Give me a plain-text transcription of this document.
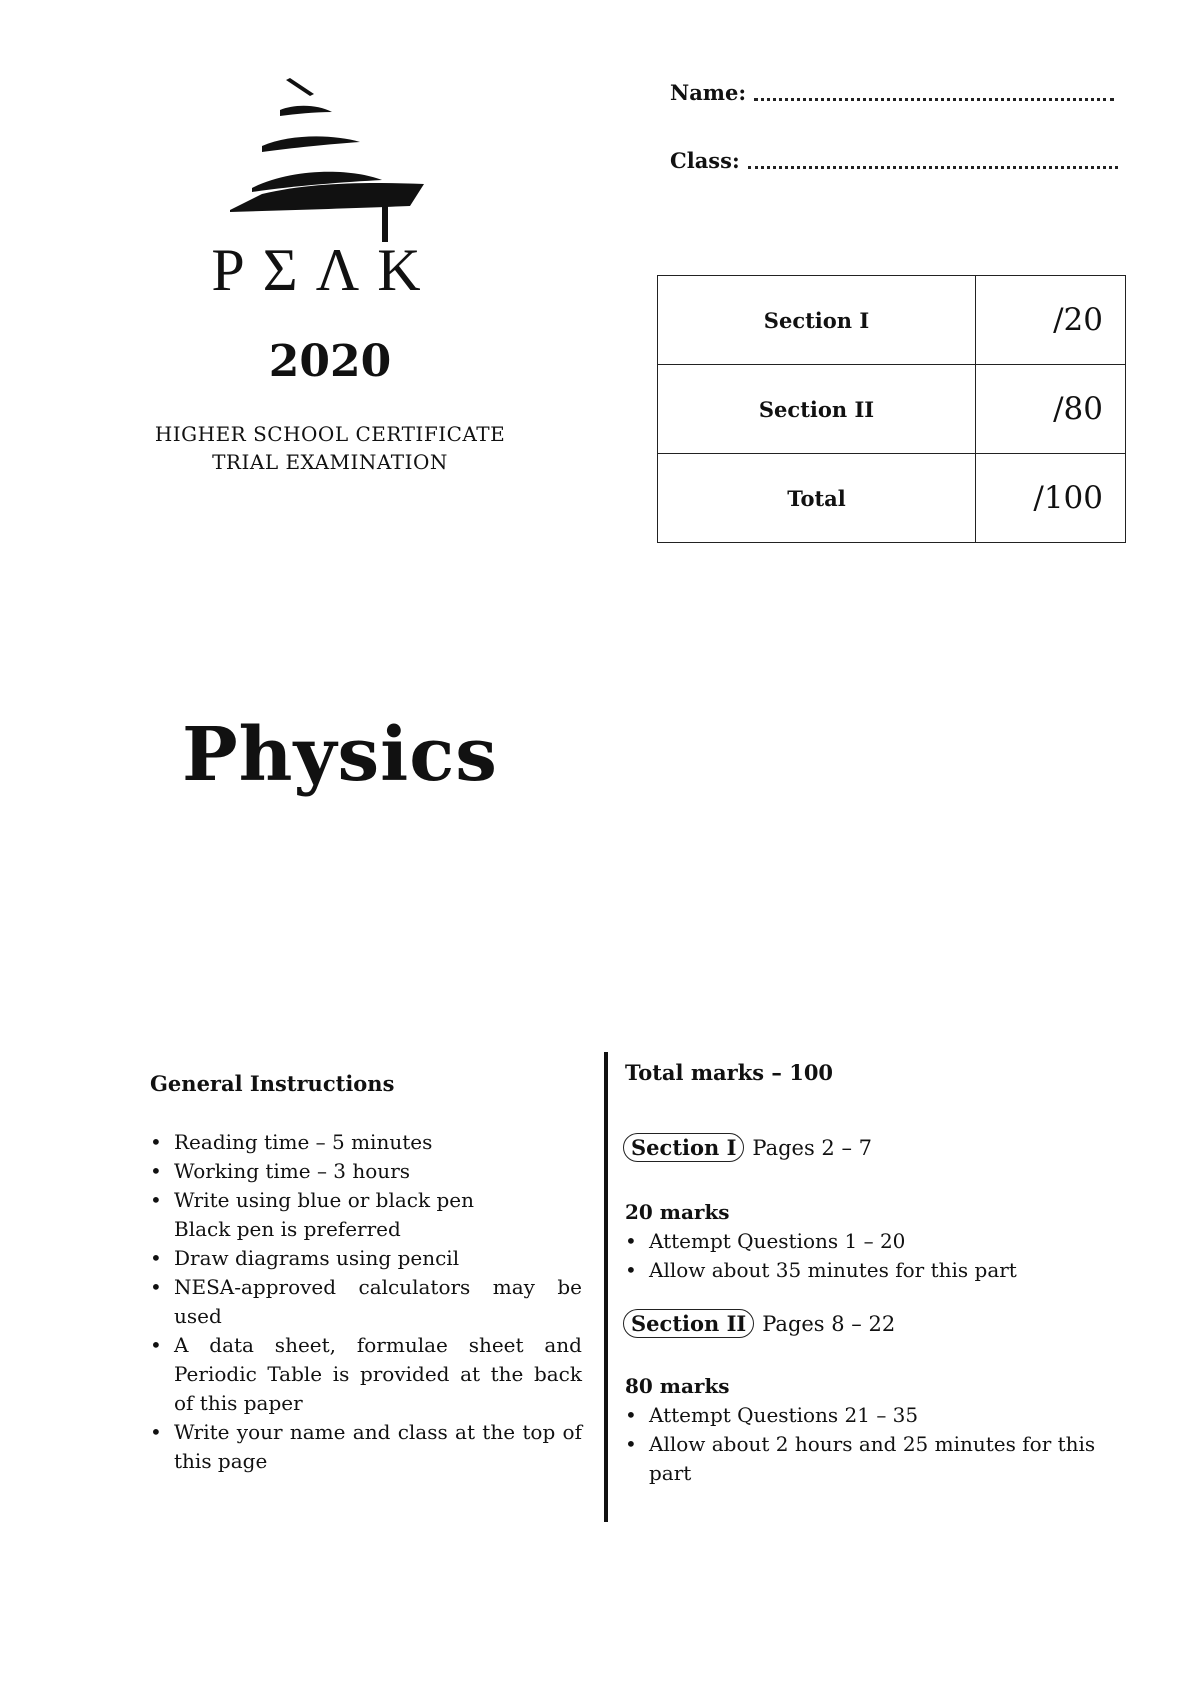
PΣΛK
2020
HIGHER SCHOOL CERTIFICATE
TRIAL EXAMINATION
Name:
Class:
Section I	/20
Section II	/80
Total	/100
Physics
General Instructions
• Reading time – 5 minutes
• Working time – 3 hours
• Write using blue or black pen
Black pen is preferred
• Draw diagrams using pencil
• NESA-approved calculators may be used
• A data sheet, formulae sheet and Periodic Table is provided at the back of this paper
• Write your name and class at the top of this page
Total marks – 100
Section I Pages 2 – 7
20 marks
• Attempt Questions 1 – 20
• Allow about 35 minutes for this part
Section II Pages 8 – 22
80 marks
• Attempt Questions 21 – 35
• Allow about 2 hours and 25 minutes for this part
